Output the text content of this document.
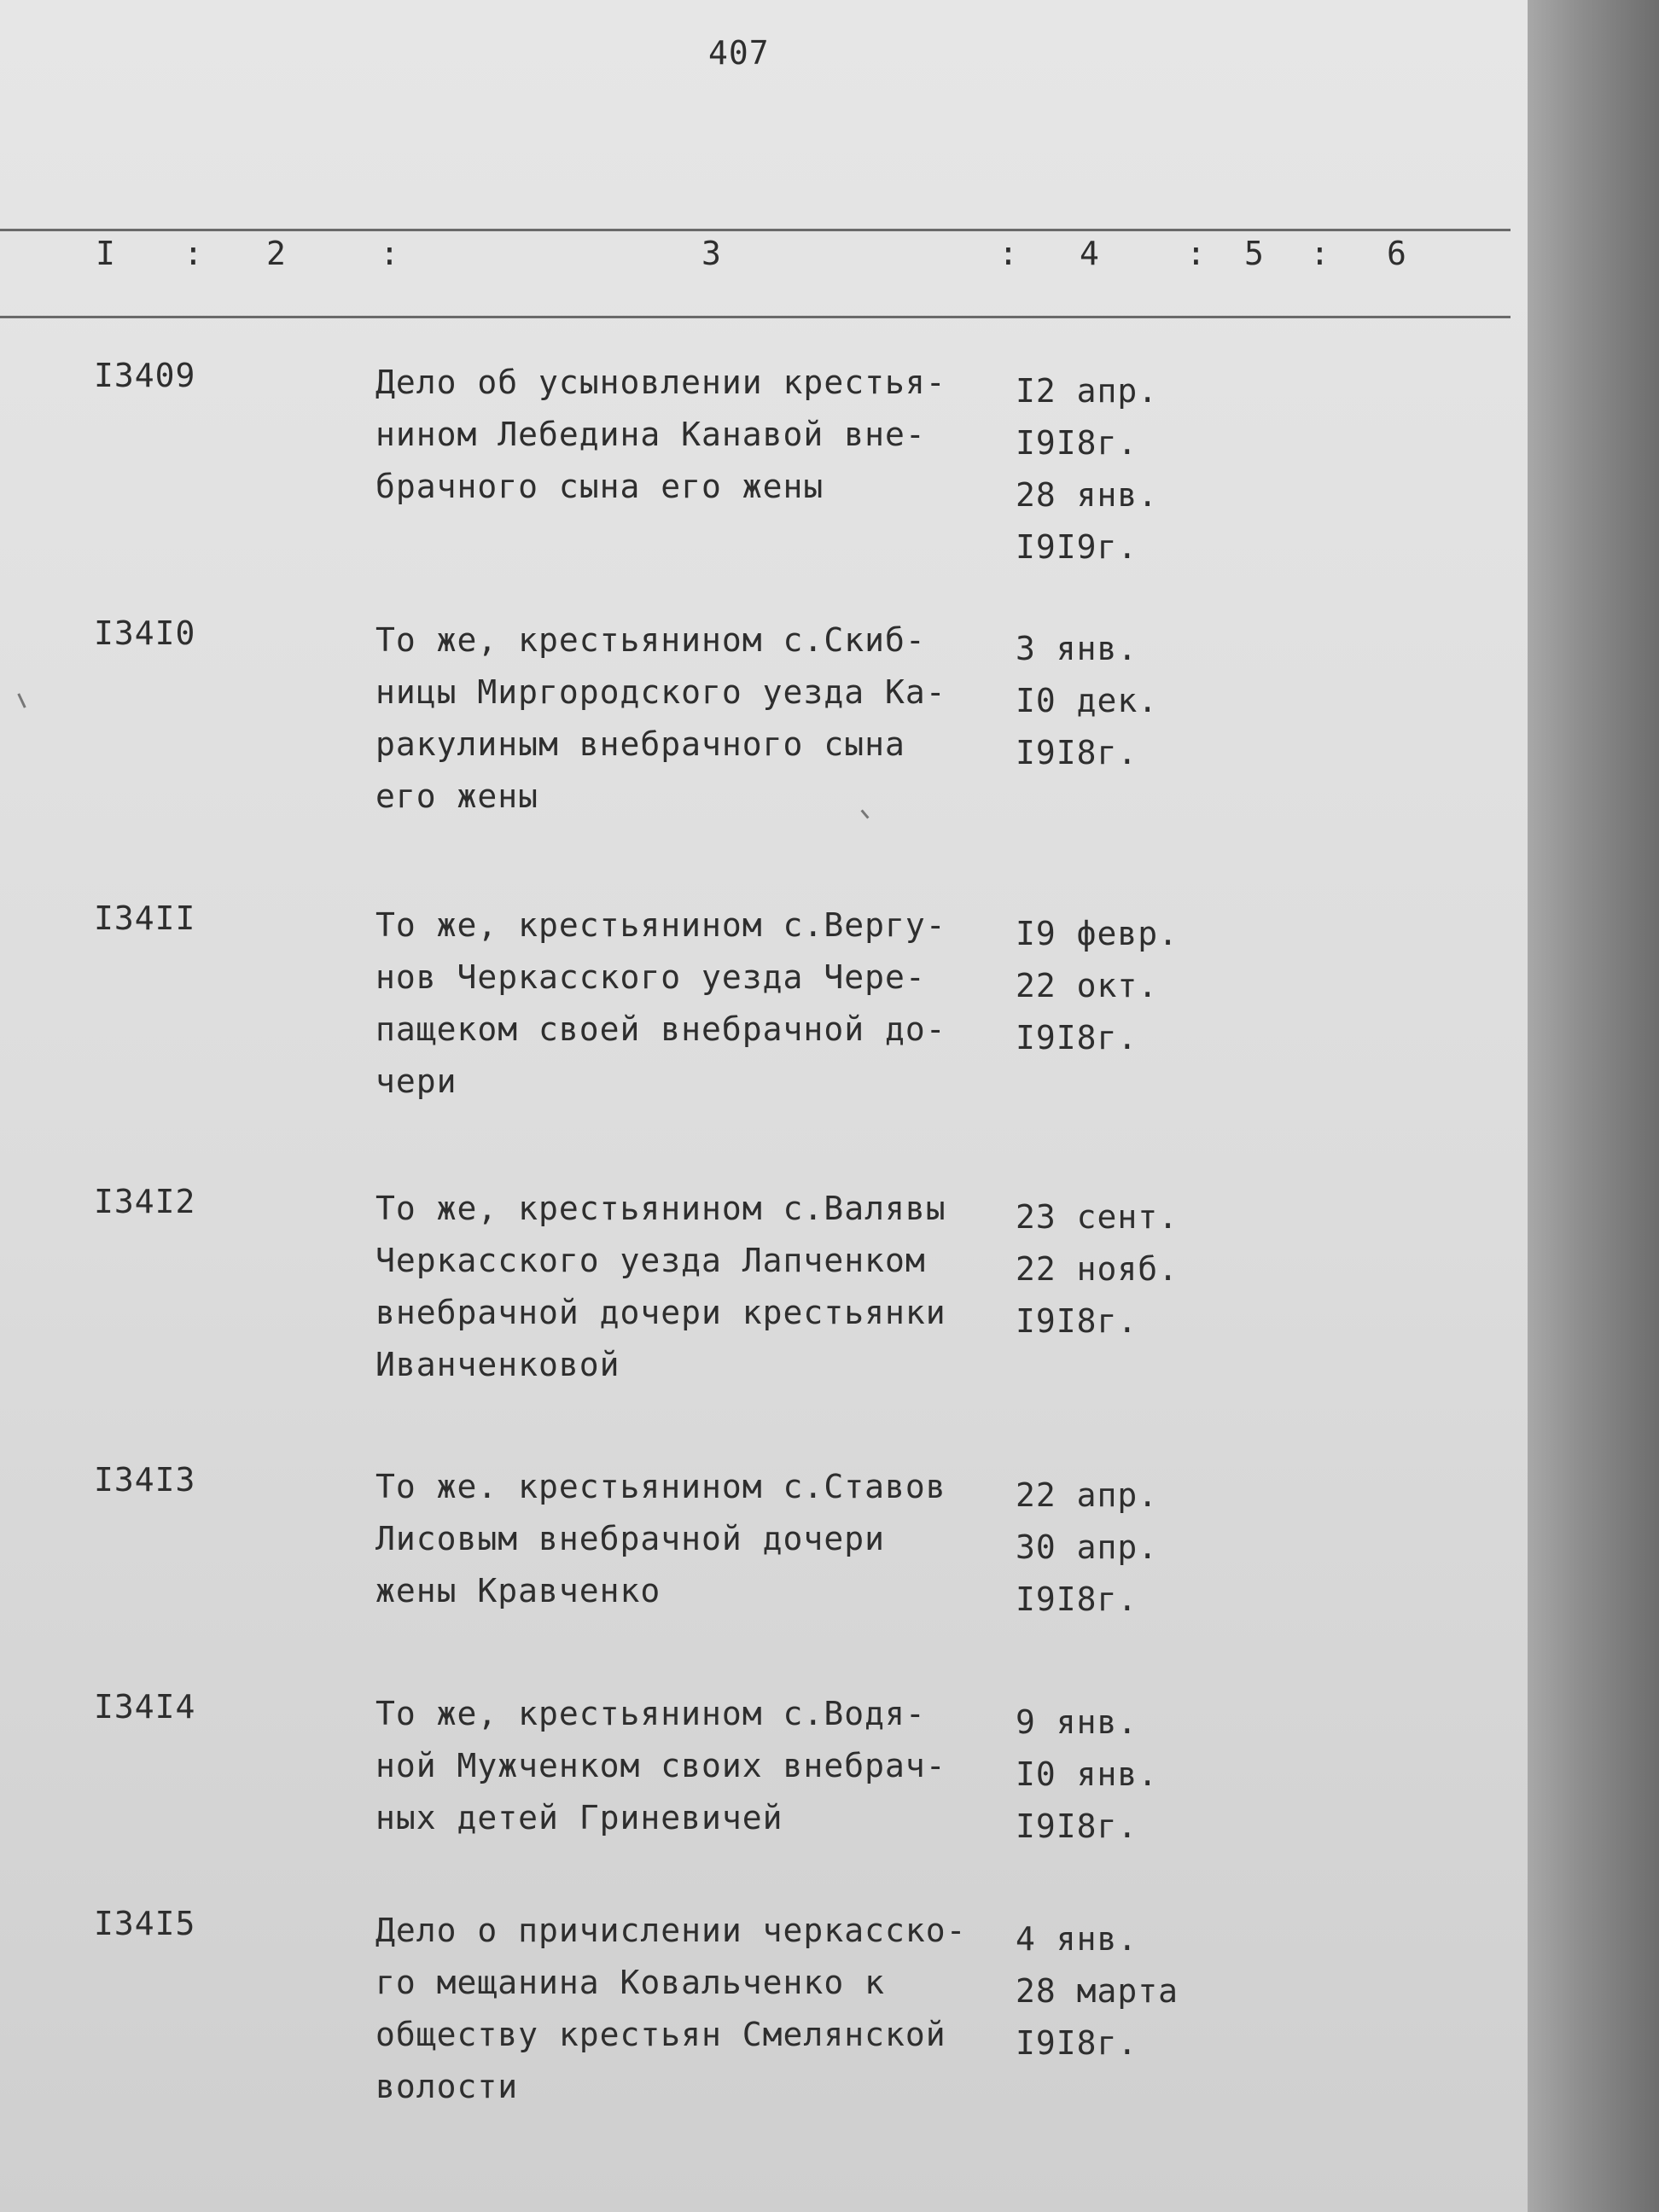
407
I : 2	:	3	: 4	: 5 : 6
I3409	Дело об усыновлении крестья-
нином Лебедина Канавой вне-
брачного сына его жены
I2 апр.
I9I8г.
28 янв.
I9I9г.
I34I0	То же, крестьянином с.Скиб-
ницы Миргородского уезда Ка-
ракулиным внебрачного сына
его жены
3 янв.
I0 дек.
I9I8г.
I34II	То же, крестьянином с.Вергу-
нов Черкасского уезда Чере-
пащеком своей внебрачной до-
чери
I9 февр.
22 окт.
I9I8г.
I34I2	То же, крестьянином с.Валявы
Черкасского уезда Лапченком
внебрачной дочери крестьянки
Иванченковой
23 сент.
22 нояб.
I9I8г.
I34I3	То же. крестьянином с.Ставов
Лисовым внебрачной дочери
жены Кравченко
22 апр.
30 апр.
I9I8г.
I34I4	То же, крестьянином с.Водя-
ной Мужченком своих внебрач-
ных детей Гриневичей
9 янв.
I0 янв.
I9I8г.
I34I5	Дело о причислении черкасско-
го мещанина Ковальченко к
обществу крестьян Смелянской
волости
4 янв.
28 марта
I9I8г.
